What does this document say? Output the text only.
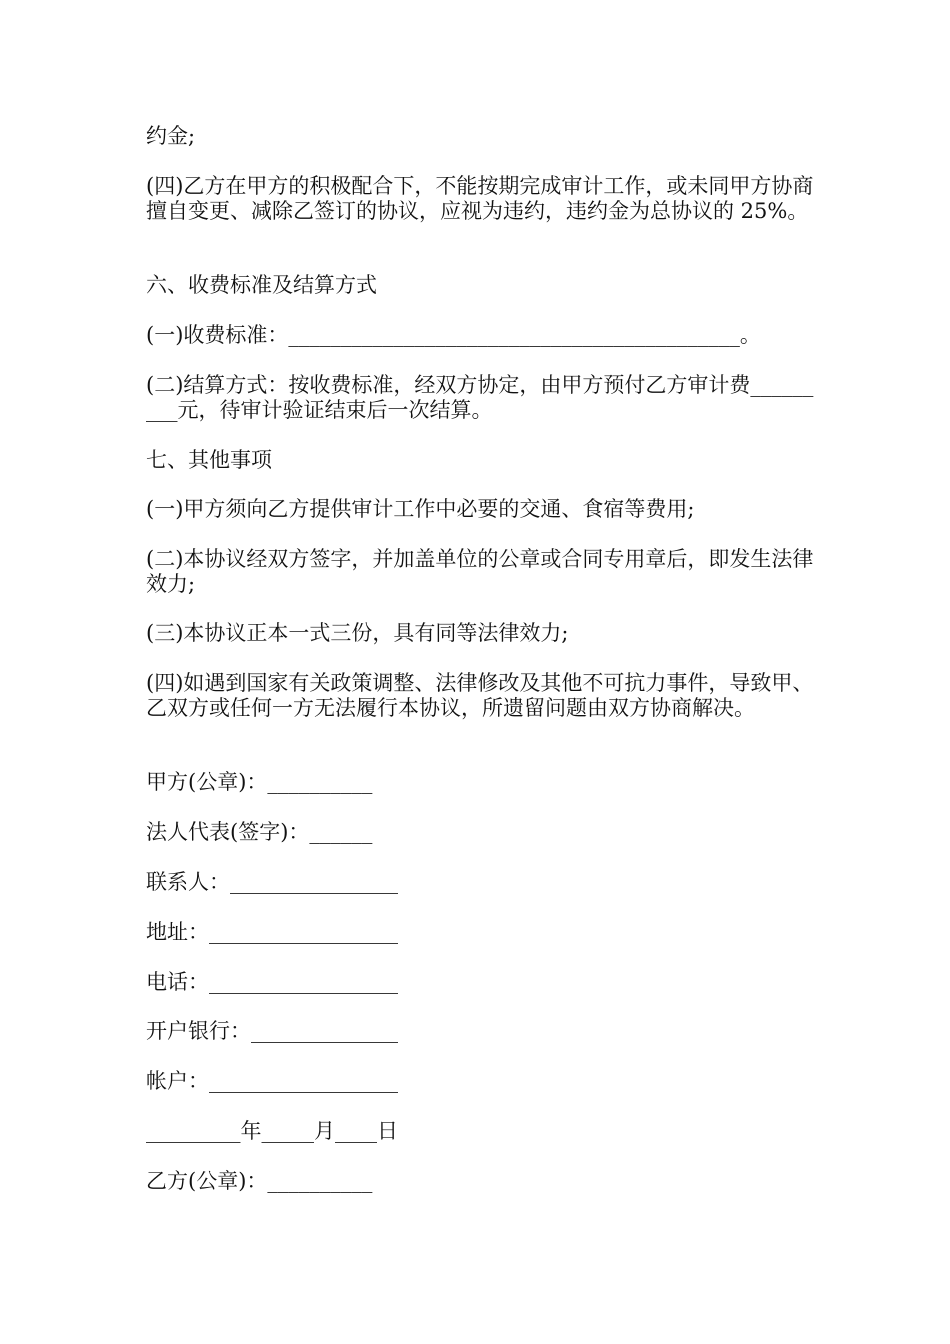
约金;

(四)乙方在甲方的积极配合下，不能按期完成审计工作，或未同甲方协商擅自变更、减除乙签订的协议，应视为违约，违约金为总协议的 25%。

六、收费标准及结算方式

(一)收费标准：___________________________________________。

(二)结算方式：按收费标准，经双方协定，由甲方预付乙方审计费_________元，待审计验证结束后一次结算。

七、其他事项

(一)甲方须向乙方提供审计工作中必要的交通、食宿等费用;

(二)本协议经双方签字，并加盖单位的公章或合同专用章后，即发生法律效力;

(三)本协议正本一式三份，具有同等法律效力;

(四)如遇到国家有关政策调整、法律修改及其他不可抗力事件，导致甲、乙双方或任何一方无法履行本协议，所遗留问题由双方协商解决。

甲方(公章)：__________

法人代表(签字)：______

联系人：________________

地址：__________________

电话：__________________

开户银行：______________

帐户：__________________

_________年_____月____日

乙方(公章)：__________
